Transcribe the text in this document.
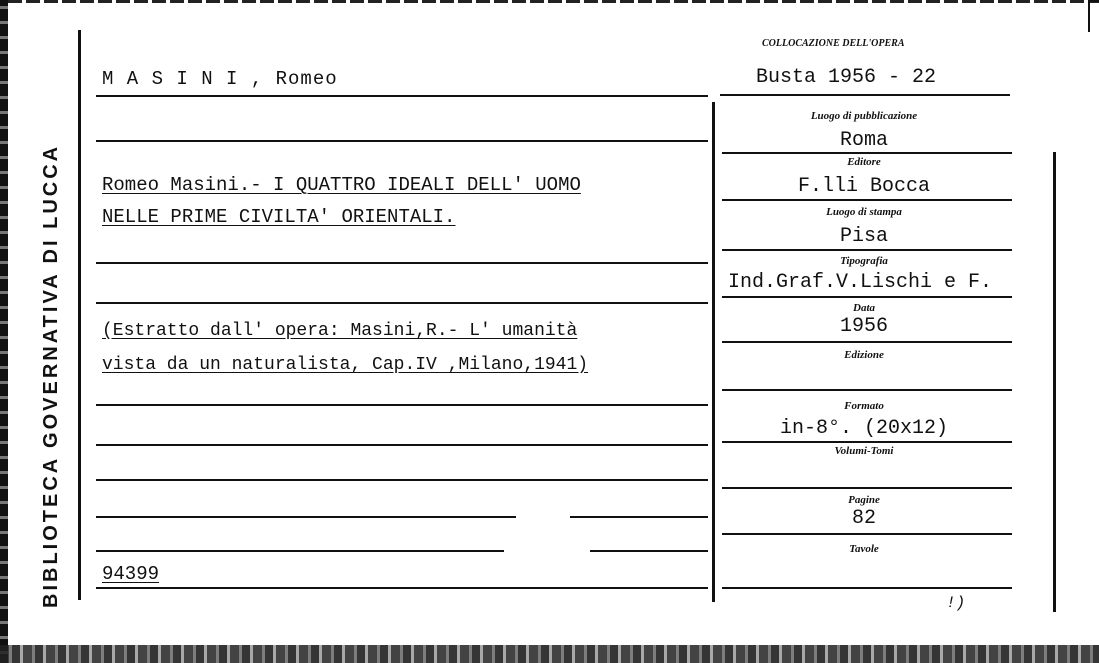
BIBLIOTECA GOVERNATIVA DI LUCCA
M A S I N I , Romeo
COLLOCAZIONE DELL'OPERA
Busta 1956 - 22
Romeo Masini.- I QUATTRO IDEALI DELL' UOMO
NELLE PRIME CIVILTA' ORIENTALI.
(Estratto dall' opera: Masini,R.- L' umanità
vista da un naturalista, Cap.IV ,Milano,1941)
94399
Luogo di pubblicazione
Roma
Editore
F.lli Bocca
Luogo di stampa
Pisa
Tipografia
Ind.Graf.V.Lischi e F.
Data
1956
Edizione
Formato
in-8°. (20x12)
Volumi-Tomi
Pagine
82
Tavole
!)
